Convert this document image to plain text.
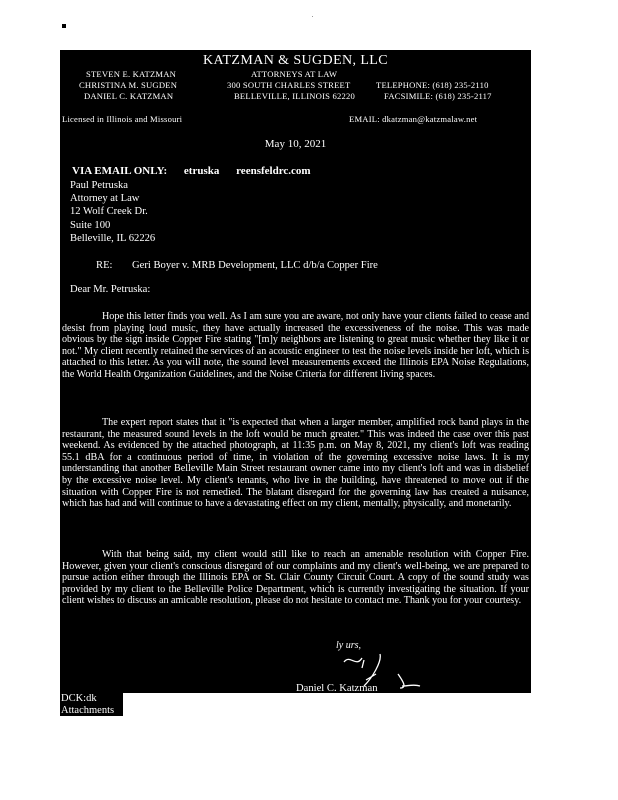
KATZMAN & SUGDEN, LLC
STEVEN E. KATZMAN
CHRISTINA M. SUGDEN
DANIEL C. KATZMAN
ATTORNEYS AT LAW
300 SOUTH CHARLES STREET
BELLEVILLE, ILLINOIS 62220
TELEPHONE: (618) 235-2110
FACSIMILE: (618) 235-2117
Licensed in Illinois and Missouri	EMAIL: dkatzman@katzmalaw.net
May 10, 2021
VIA EMAIL ONLY: etruska reensfeldrc.com
Paul Petruska
Attorney at Law
12 Wolf Creek Dr.
Suite 100
Belleville, IL 62226
RE: Geri Boyer v. MRB Development, LLC d/b/a Copper Fire
Dear Mr. Petruska:
Hope this letter finds you well. As I am sure you are aware, not only have your clients failed to cease and desist from playing loud music, they have actually increased the excessiveness of the noise. This was made obvious by the sign inside Copper Fire stating "[m]y neighbors are listening to great music whether they like it or not." My client recently retained the services of an acoustic engineer to test the noise levels inside her loft, which is attached to this letter. As you will note, the sound level measurements exceed the Illinois EPA Noise Regulations, the World Health Organization Guidelines, and the Noise Criteria for different living spaces.
The expert report states that it "is expected that when a larger member, amplified rock band plays in the restaurant, the measured sound levels in the loft would be much greater." This was indeed the case over this past weekend. As evidenced by the attached photograph, at 11:35 p.m. on May 8, 2021, my client's loft was reading 55.1 dBA for a continuous period of time, in violation of the governing excessive noise laws. It is my understanding that another Belleville Main Street restaurant owner came into my client's loft and was in disbelief by the excessive noise level. My client's tenants, who live in the building, have threatened to move out if the situation with Copper Fire is not remedied. The blatant disregard for the governing law has created a nuisance, which has had and will continue to have a devastating effect on my client, mentally, physically, and monetarily.
With that being said, my client would still like to reach an amenable resolution with Copper Fire. However, given your client's conscious disregard of our complaints and my client's well-being, we are prepared to pursue action either through the Illinois EPA or St. Clair County Circuit Court. A copy of the sound study was provided by my client to the Belleville Police Department, which is currently investigating the situation. If your client wishes to discuss an amicable resolution, please do not hesitate to contact me. Thank you for your courtesy.
ly urs,
Daniel C. Katzman
DCK:dk
Attachments
